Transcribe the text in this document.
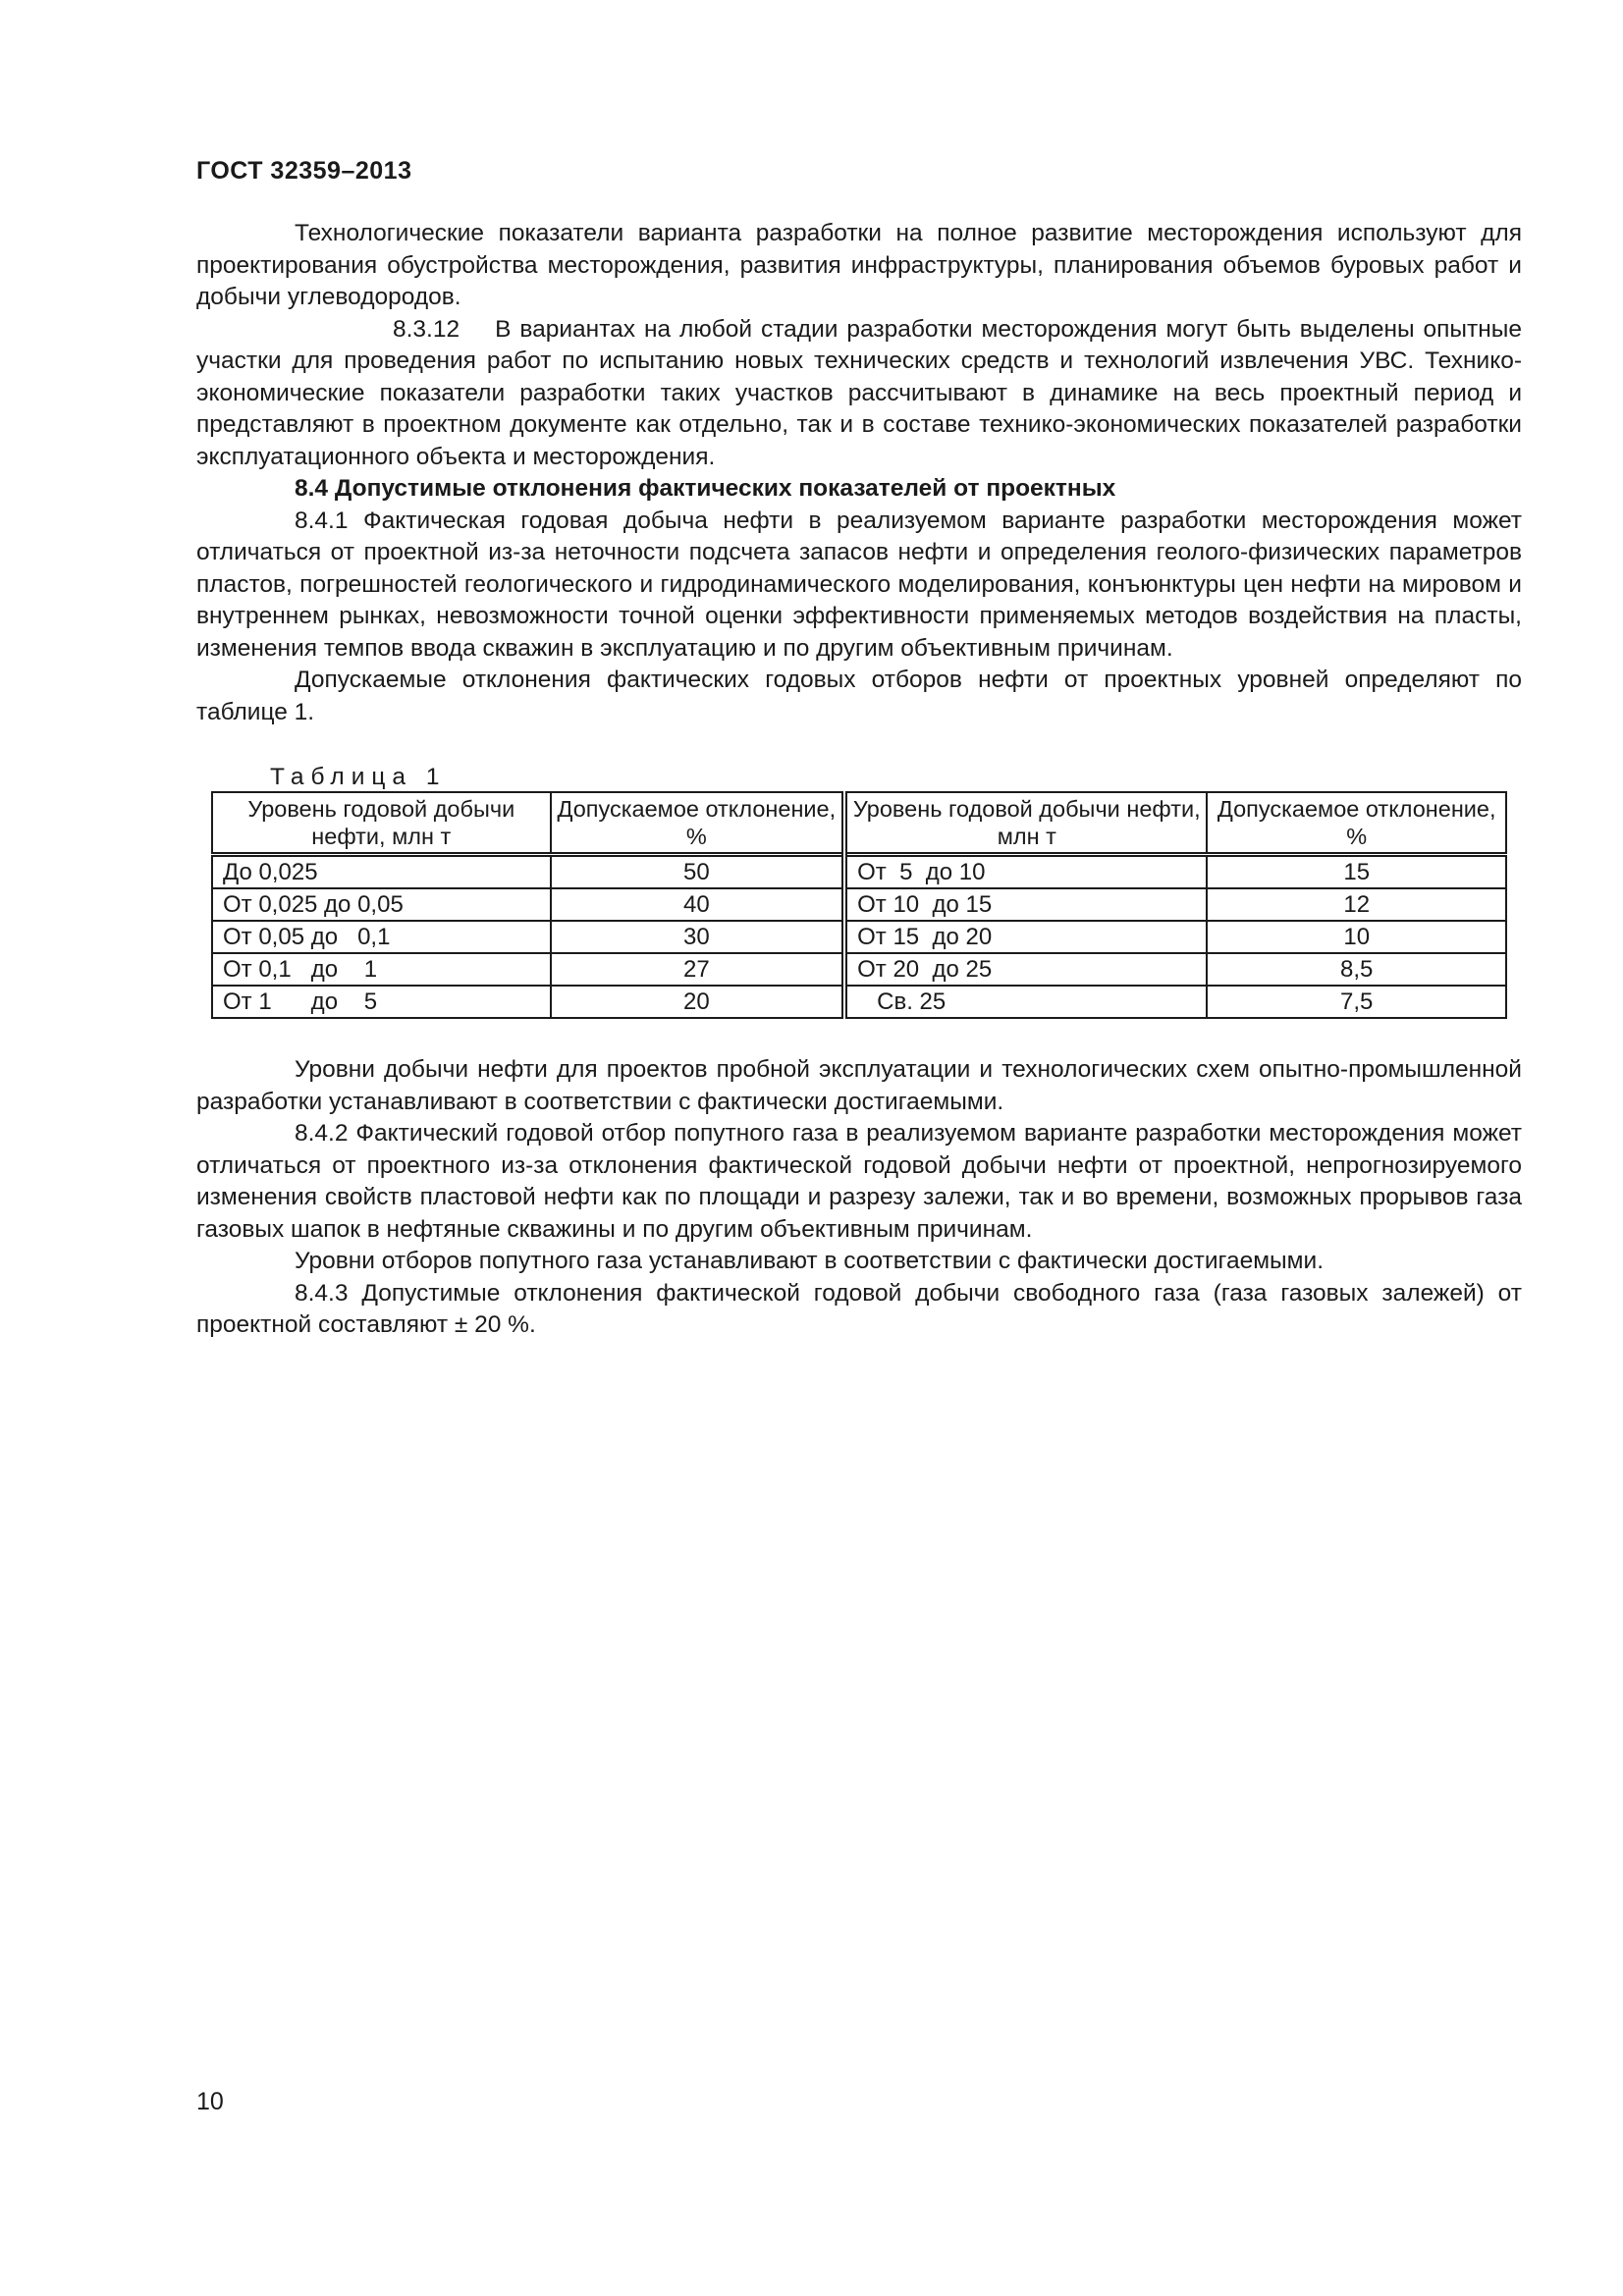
ГОСТ 32359–2013

Технологические показатели варианта разработки на полное развитие месторождения используют для проектирования обустройства месторождения, развития инфраструктуры, планирования объемов буровых работ и добычи углеводородов.

8.3.12 В вариантах на любой стадии разработки месторождения могут быть выделены опытные участки для проведения работ по испытанию новых технических средств и технологий извлечения УВС. Технико-экономические показатели разработки таких участков рассчитывают в динамике на весь проектный период и представляют в проектном документе как отдельно, так и в составе технико-экономических показателей разработки эксплуатационного объекта и месторождения.

8.4 Допустимые отклонения фактических показателей от проектных

8.4.1 Фактическая годовая добыча нефти в реализуемом варианте разработки месторождения может отличаться от проектной из-за неточности подсчета запасов нефти и определения геолого-физических параметров пластов, погрешностей геологического и гидродинамического моделирования, конъюнктуры цен нефти на мировом и внутреннем рынках, невозможности точной оценки эффективности применяемых методов воздействия на пласты, изменения темпов ввода скважин в эксплуатацию и по другим объективным причинам.

Допускаемые отклонения фактических годовых отборов нефти от проектных уровней определяют по таблице 1.

Таблица 1
Уровень годовой добычи нефти, млн т	Допускаемое отклонение, %	Уровень годовой добычи нефти, млн т	Допускаемое отклонение, %
До 0,025	50	От  5  до 10	15
От 0,025 до 0,05	40	От 10  до 15	12
От 0,05 до   0,1	30	От 15  до 20	10
От 0,1   до    1	27	От 20  до 25	8,5
От 1      до    5	20	Св. 25	7,5

Уровни добычи нефти для проектов пробной эксплуатации и технологических схем опытно-промышленной разработки устанавливают в соответствии с фактически достигаемыми.

8.4.2 Фактический годовой отбор попутного газа в реализуемом варианте разработки месторождения может отличаться от проектного из-за отклонения фактической годовой добычи нефти от проектной, непрогнозируемого изменения свойств пластовой нефти как по площади и разрезу залежи, так и во времени, возможных прорывов газа газовых шапок в нефтяные скважины и по другим объективным причинам.

Уровни отборов попутного газа устанавливают в соответствии с фактически достигаемыми.

8.4.3 Допустимые отклонения фактической годовой добычи свободного газа (газа газовых залежей) от проектной составляют ± 20 %.

10
